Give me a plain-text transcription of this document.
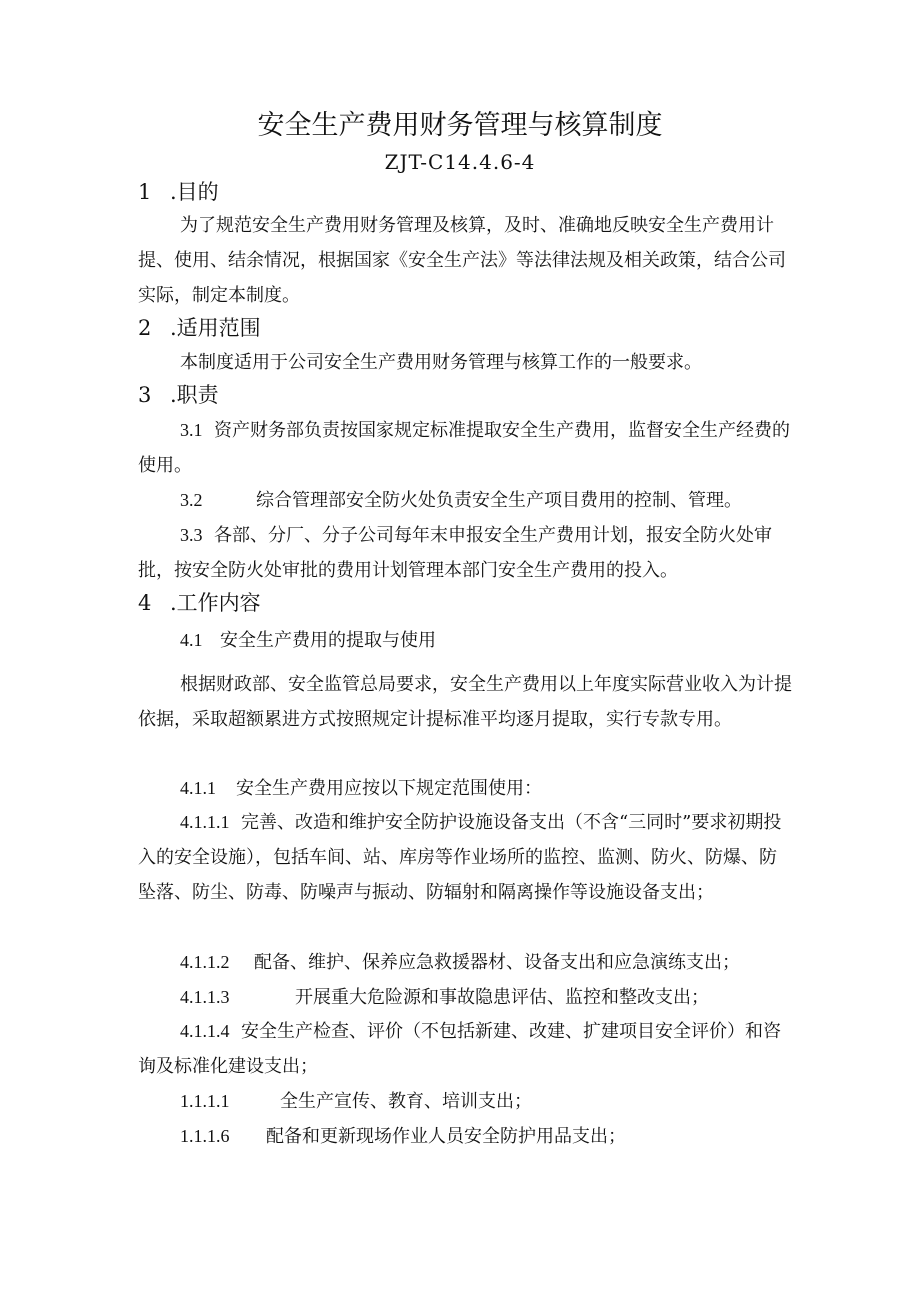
安全生产费用财务管理与核算制度
ZJT-C14.4.6-4
1 .目的
为了规范安全生产费用财务管理及核算，及时、准确地反映安全生产费用计提、使用、结余情况，根据国家《安全生产法》等法律法规及相关政策，结合公司实际，制定本制度。
2 .适用范围
本制度适用于公司安全生产费用财务管理与核算工作的一般要求。
3 .职责
3.1 资产财务部负责按国家规定标准提取安全生产费用，监督安全生产经费的使用。
3.2	综合管理部安全防火处负责安全生产项目费用的控制、管理。
3.3 各部、分厂、分子公司每年末申报安全生产费用计划，报安全防火处审批，按安全防火处审批的费用计划管理本部门安全生产费用的投入。
4 .工作内容
4.1 安全生产费用的提取与使用
根据财政部、安全监管总局要求，安全生产费用以上年度实际营业收入为计提依据，采取超额累进方式按照规定计提标准平均逐月提取，实行专款专用。
4.1.1 安全生产费用应按以下规定范围使用：
4.1.1.1 完善、改造和维护安全防护设施设备支出（不含“三同时”要求初期投入的安全设施），包括车间、站、库房等作业场所的监控、监测、防火、防爆、防坠落、防尘、防毒、防噪声与振动、防辐射和隔离操作等设施设备支出；
4.1.1.2 配备、维护、保养应急救援器材、设备支出和应急演练支出；
4.1.1.3	开展重大危险源和事故隐患评估、监控和整改支出；
4.1.1.4 安全生产检查、评价（不包括新建、改建、扩建项目安全评价）和咨询及标准化建设支出；
1.1.1.1	全生产宣传、教育、培训支出；
1.1.1.6 配备和更新现场作业人员安全防护用品支出；
